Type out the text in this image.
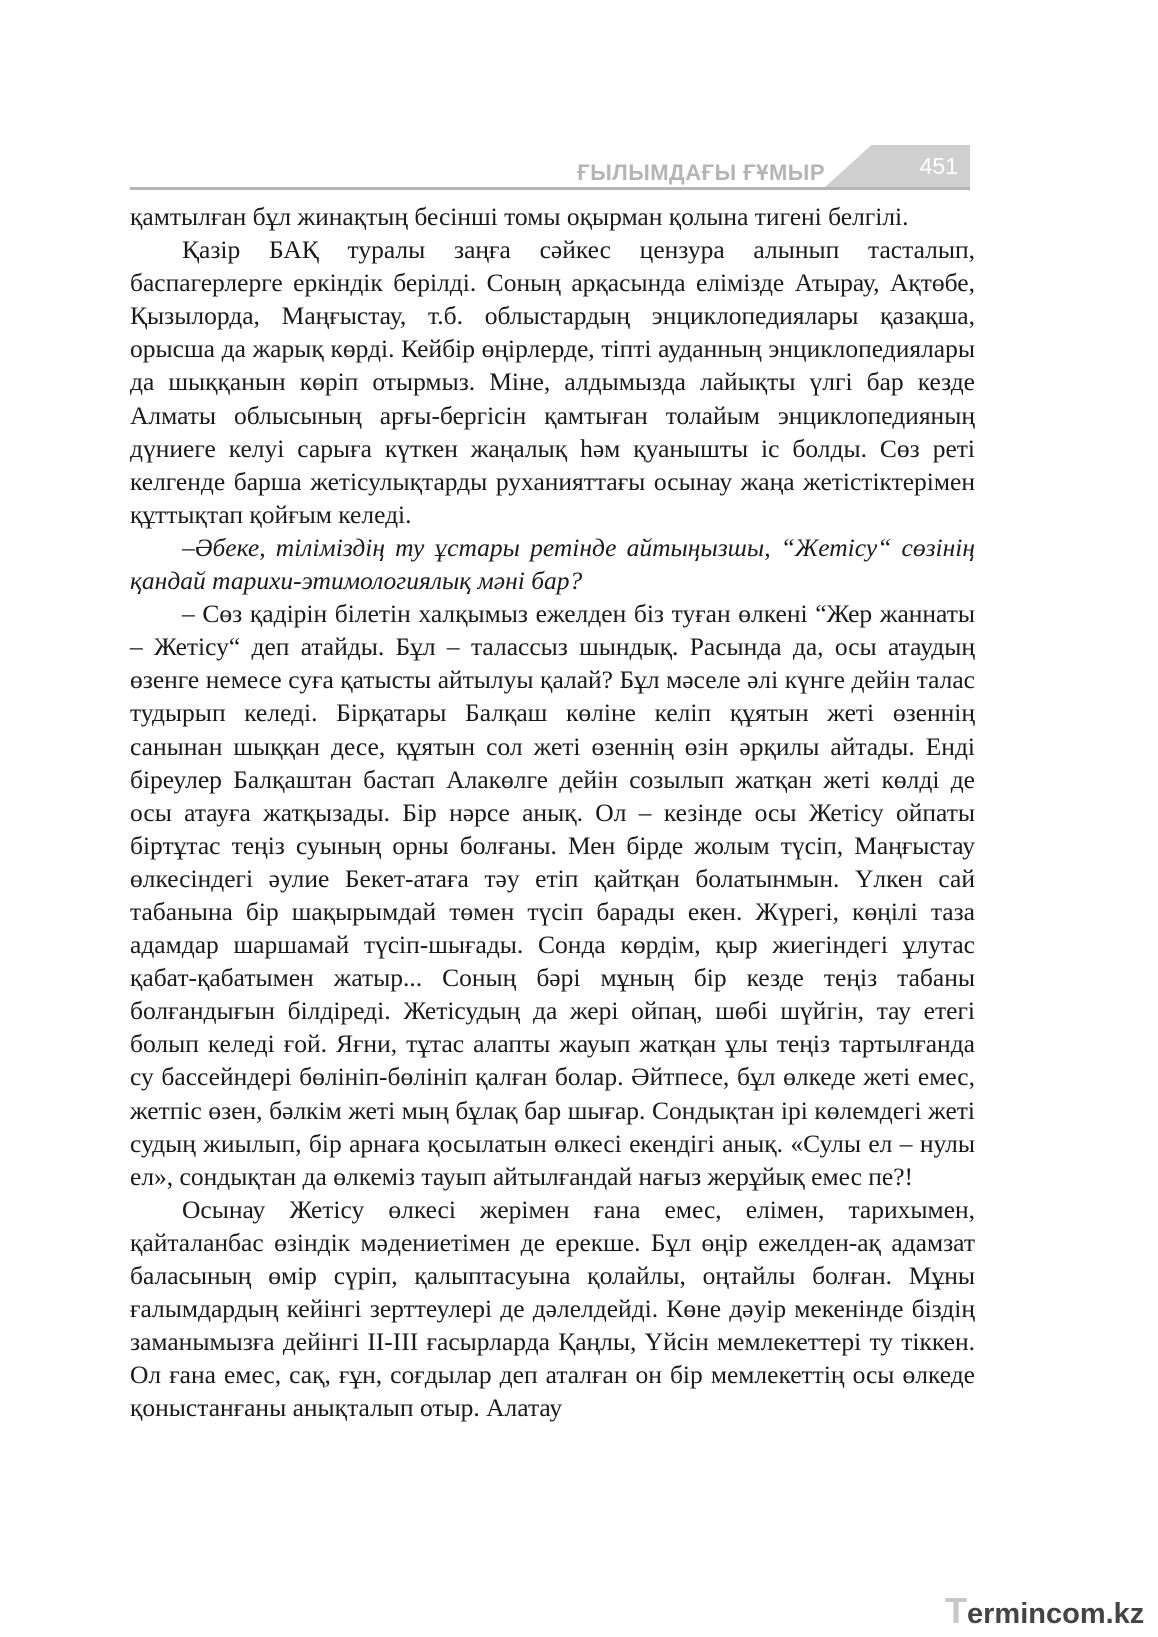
ҒЫЛЫМДАҒЫ ҒҰМЫР	451

қамтылған бұл жинақтың бесінші томы оқырман қолына тигені белгілі.

Қазір БАҚ туралы заңға сәйкес цензура алынып тасталып, баспагерлерге еркіндік берілді. Соның арқасында елімізде Атырау, Ақтөбе, Қызылорда, Маңғыстау, т.б. облыстардың энциклопедиялары қазақша, орысша да жарық көрді. Кейбір өңірлерде, тіпті ауданның энциклопедиялары да шыққанын көріп отырмыз. Міне, алдымызда лайықты үлгі бар кезде Алматы облысының арғы-бергісін қамтыған толайым энциклопедияның дүниеге келуі сарыға күткен жаңалық һәм қуанышты іс болды. Сөз реті келгенде барша жетісулықтарды руханияттағы осынау жаңа жетістіктерімен құттықтап қойғым келеді.

–Әбеке, тіліміздің ту ұстары ретінде айтыңызшы, “Жетісу“ сөзінің қандай тарихи-этимологиялық мәні бар?

– Сөз қадірін білетін халқымыз ежелден біз туған өлкені “Жер жаннаты – Жетісу“ деп атайды. Бұл – талассыз шындық. Расында да, осы атаудың өзенге немесе суға қатысты айтылуы қалай? Бұл мәселе әлі күнге дейін талас тудырып келеді. Бірқатары Балқаш көліне келіп құятын жеті өзеннің санынан шыққан десе, құятын сол жеті өзеннің өзін әрқилы айтады. Енді біреулер Балқаштан бастап Алакөлге дейін созылып жатқан жеті көлді де осы атауға жатқызады. Бір нәрсе анық. Ол – кезінде осы Жетісу ойпаты біртұтас теңіз суының орны болғаны. Мен бірде жолым түсіп, Маңғыстау өлкесіндегі әулие Бекет-атаға тәу етіп қайтқан болатынмын. Үлкен сай табанына бір шақырымдай төмен түсіп барады екен. Жүрегі, көңілі таза адамдар шаршамай түсіп-шығады. Сонда көрдім, қыр жиегіндегі ұлутас қабат-қабатымен жатыр... Соның бәрі мұның бір кезде теңіз табаны болғандығын білдіреді. Жетісудың да жері ойпаң, шөбі шүйгін, тау етегі болып келеді ғой. Яғни, тұтас алапты жауып жатқан ұлы теңіз тартылғанда су бассейндері бөлініп-бөлініп қалған болар. Әйтпесе, бұл өлкеде жеті емес, жетпіс өзен, бәлкім жеті мың бұлақ бар шығар. Сондықтан ірі көлемдегі жеті судың жиылып, бір арнаға қосылатын өлкесі екендігі анық. «Сулы ел – нулы ел», сондықтан да өлкеміз тауып айтылғандай нағыз жерұйық емес пе?!

Осынау Жетісу өлкесі жерімен ғана емес, елімен, тарихымен, қайталанбас өзіндік мәдениетімен де ерекше. Бұл өңір ежелден-ақ адамзат баласының өмір сүріп, қалыптасуына қолайлы, оңтайлы болған. Мұны ғалымдардың кейінгі зерттеулері де дәлелдейді. Көне дәуір мекенінде біздің заманымызға дейінгі II-III ғасырларда Қаңлы, Үйсін мемлекеттері ту тіккен. Ол ғана емес, сақ, ғұн, соғдылар деп аталған он бір мемлекеттің осы өлкеде қоныстанғаны анықталып отыр. Алатау

Termincom.kz
